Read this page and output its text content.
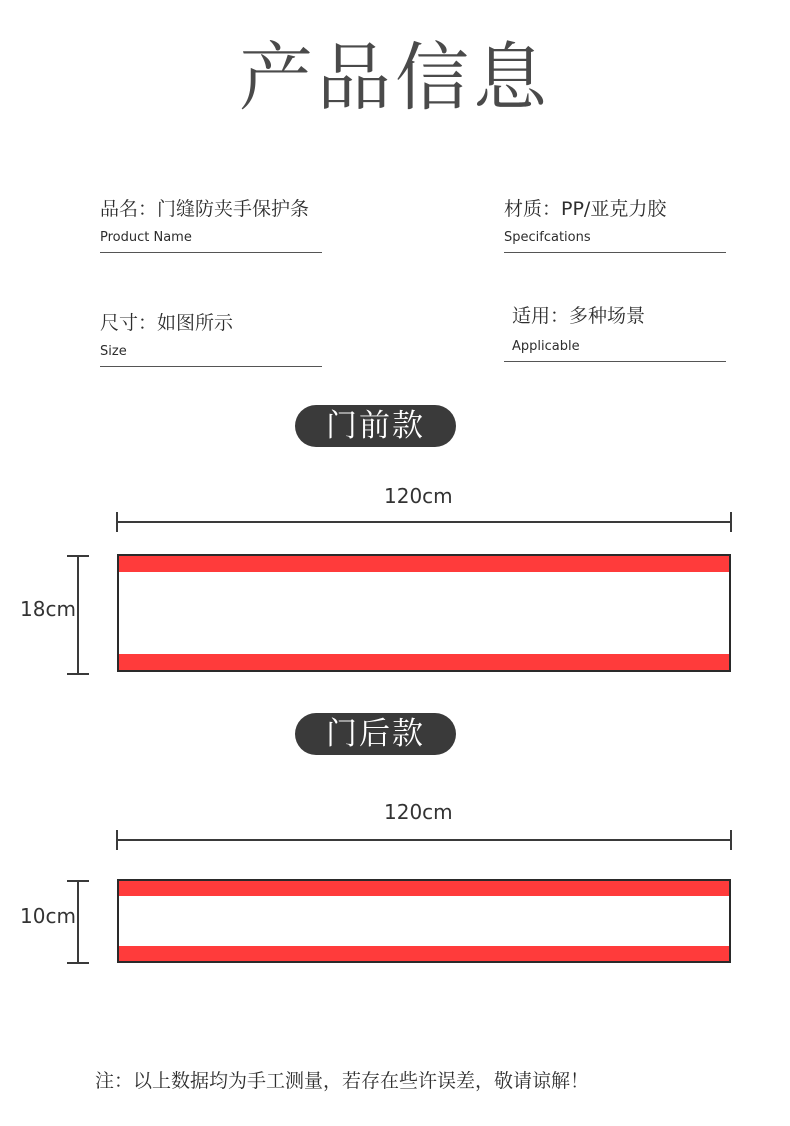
产品信息
品名：门缝防夹手保护条
Product Name
材质：PP/亚克力胶
Specifcations
尺寸：如图所示
Size
适用：多种场景
Applicable
门前款
120cm
18cm
门后款
120cm
10cm
注：以上数据均为手工测量，若存在些许误差，敬请谅解！
